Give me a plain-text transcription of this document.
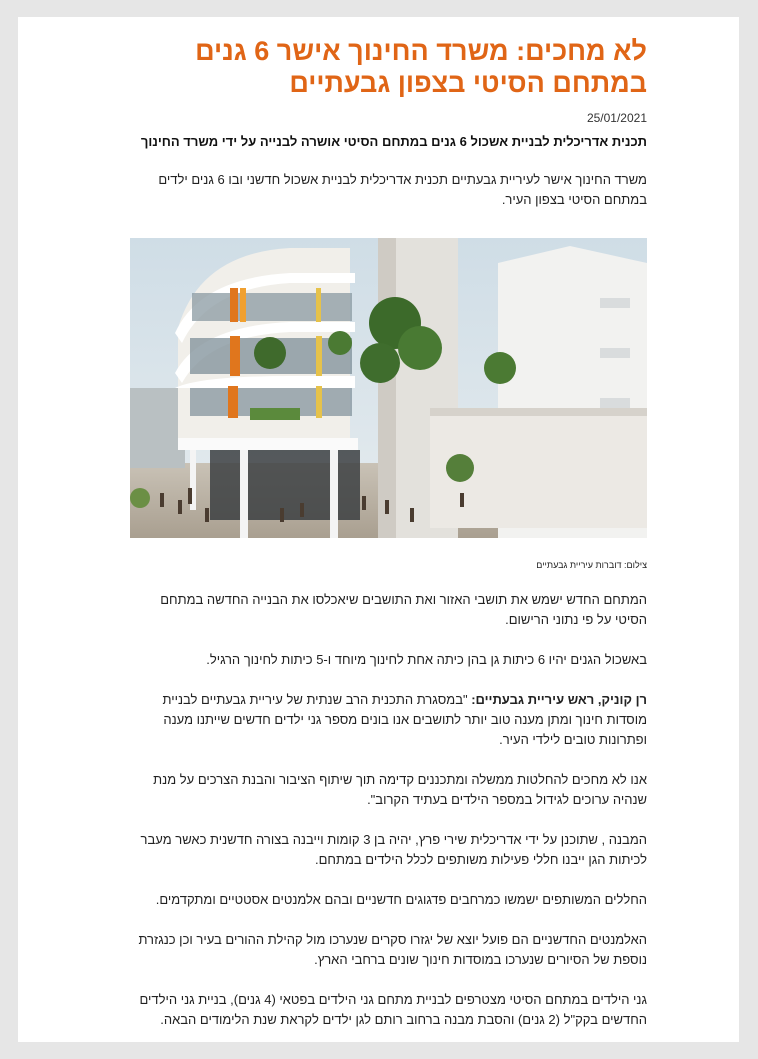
לא מחכים: משרד החינוך אישר 6 גנים במתחם הסיטי בצפון גבעתיים
25/01/2021
תכנית אדריכלית לבניית אשכול 6 גנים במתחם הסיטי אושרה לבנייה על ידי משרד החינוך

משרד החינוך אישר לעיריית גבעתיים תכנית אדריכלית לבניית אשכול חדשני ובו 6 גנים ילדים במתחם הסיטי בצפון העיר.

צילום: דוברות עיריית גבעתיים

המתחם החדש ישמש את תושבי האזור ואת התושבים שיאכלסו את הבנייה החדשה במתחם הסיטי על פי נתוני הרישום.

באשכול הגנים יהיו 6 כיתות גן בהן כיתה אחת לחינוך מיוחד ו-5 כיתות לחינוך הרגיל.

רן קוניק, ראש עיריית גבעתיים: "במסגרת התכנית הרב שנתית של עיריית גבעתיים לבניית מוסדות חינוך ומתן מענה טוב יותר לתושבים אנו בונים מספר גני ילדים חדשים שייתנו מענה ופתרונות טובים לילדי העיר.

אנו לא מחכים להחלטות ממשלה ומתכננים קדימה תוך שיתוף הציבור והבנת הצרכים על מנת שנהיה ערוכים לגידול במספר הילדים בעתיד הקרוב".

המבנה , שתוכנן על ידי אדריכלית שירי פרץ, יהיה בן 3 קומות וייבנה בצורה חדשנית כאשר מעבר לכיתות הגן ייבנו חללי פעילות משותפים לכלל הילדים במתחם.

החללים המשותפים ישמשו כמרחבים פדגוגים חדשניים ובהם אלמנטים אסטטיים ומתקדמים.

האלמנטים החדשניים הם פועל יוצא של יגזרו סקרים שנערכו מול קהילת ההורים בעיר וכן כנגזרת נוספת של הסיורים שנערכו במוסדות חינוך שונים ברחבי הארץ.

גני הילדים במתחם הסיטי מצטרפים לבניית מתחם גני הילדים בפטאי (4 גנים), בניית גני הילדים החדשים בקק"ל (2 גנים) והסבת מבנה ברחוב רותם לגן ילדים לקראת שנת הלימודים הבאה.
